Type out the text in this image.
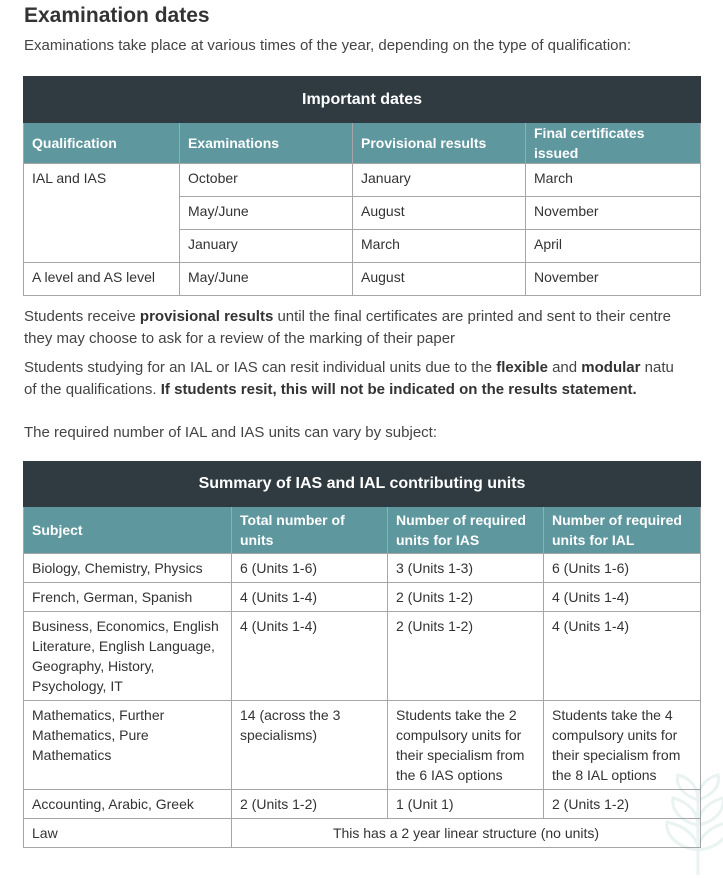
Examination dates
Examinations take place at various times of the year, depending on the type of qualification:
Important dates			
Qualification	Examinations	Provisional results	Final certificates issued
IAL and IAS	October	January	March
	May/June	August	November
	January	March	April
A level and AS level	May/June	August	November
Students receive provisional results until the final certificates are printed and sent to their centre
they may choose to ask for a review of the marking of their paper
Students studying for an IAL or IAS can resit individual units due to the flexible and modular natu
of the qualifications. If students resit, this will not be indicated on the results statement.
The required number of IAL and IAS units can vary by subject:
Summary of IAS and IAL contributing units			
Subject	Total number of units	Number of required units for IAS	Number of required units for IAL
Biology, Chemistry, Physics	6 (Units 1-6)	3 (Units 1-3)	6 (Units 1-6)
French, German, Spanish	4 (Units 1-4)	2 (Units 1-2)	4 (Units 1-4)
Business, Economics, English Literature, English Language, Geography, History, Psychology, IT	4 (Units 1-4)	2 (Units 1-2)	4 (Units 1-4)
Mathematics, Further Mathematics, Pure Mathematics	14 (across the 3 specialisms)	Students take the 2 compulsory units for their specialism from the 6 IAS options	Students take the 4 compulsory units for their specialism from the 8 IAL options
Accounting, Arabic, Greek	2 (Units 1-2)	1 (Unit 1)	2 (Units 1-2)
Law	This has a 2 year linear structure (no units)		
